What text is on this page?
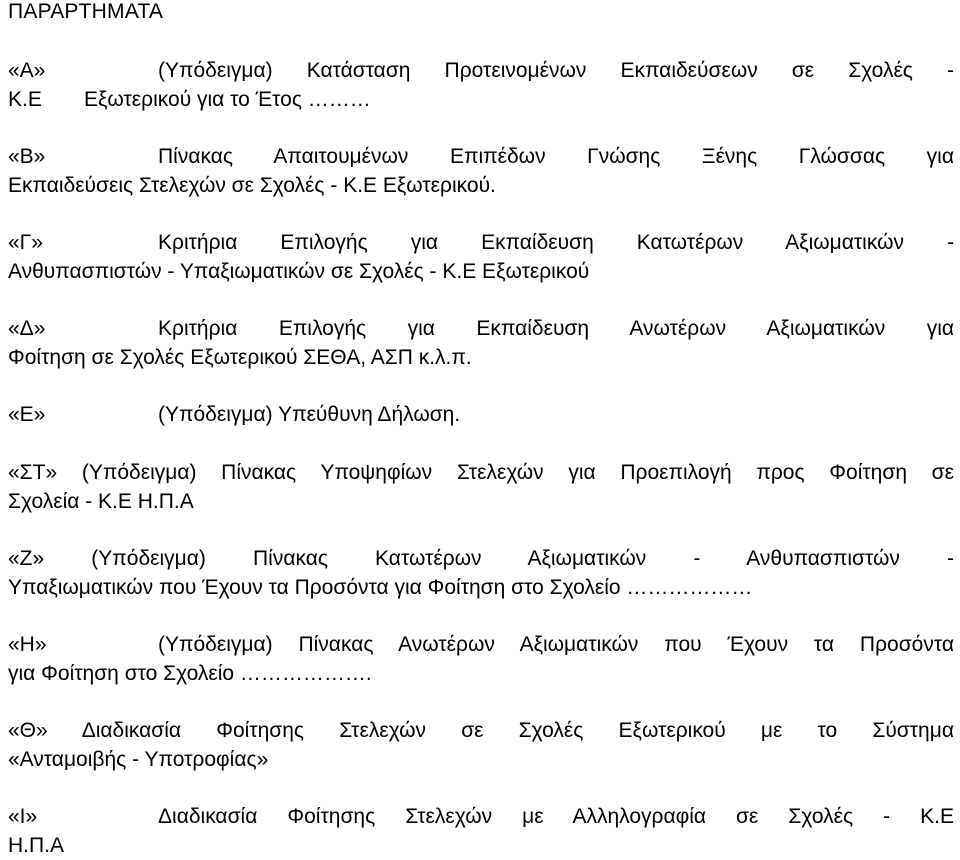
ΠΑΡΑΡΤΗΜΑΤΑ
«Α»	(Υπόδειγμα) Κατάσταση Προτεινομένων Εκπαιδεύσεων σε Σχολές -
Κ.Ε Εξωτερικού για το Έτος ………
«Β»	Πίνακας Απαιτουμένων Επιπέδων Γνώσης Ξένης Γλώσσας για
Εκπαιδεύσεις Στελεχών σε Σχολές - Κ.Ε Εξωτερικού.
«Γ»	Κριτήρια Επιλογής για Εκπαίδευση Κατωτέρων Αξιωματικών -
Ανθυπασπιστών - Υπαξιωματικών σε Σχολές - Κ.Ε Εξωτερικού
«Δ»	Κριτήρια Επιλογής για Εκπαίδευση Ανωτέρων Αξιωματικών για
Φοίτηση σε Σχολές Εξωτερικού ΣΕΘΑ, ΑΣΠ κ.λ.π.
«Ε»	(Υπόδειγμα) Υπεύθυνη Δήλωση.
«ΣΤ» (Υπόδειγμα) Πίνακας Υποψηφίων Στελεχών για Προεπιλογή προς Φοίτηση σε
Σχολεία - Κ.Ε Η.Π.Α
«Ζ» (Υπόδειγμα) Πίνακας Κατωτέρων Αξιωματικών - Ανθυπασπιστών -
Υπαξιωματικών που Έχουν τα Προσόντα για Φοίτηση στο Σχολείο ………………
«Η»	(Υπόδειγμα) Πίνακας Ανωτέρων Αξιωματικών που Έχουν τα Προσόντα
για Φοίτηση στο Σχολείο ……………….
«Θ» Διαδικασία Φοίτησης Στελεχών σε Σχολές Εξωτερικού με το Σύστημα
«Ανταμοιβής - Υποτροφίας»
«Ι»	Διαδικασία Φοίτησης Στελεχών με Αλληλογραφία σε Σχολές - Κ.Ε
Η.Π.Α
